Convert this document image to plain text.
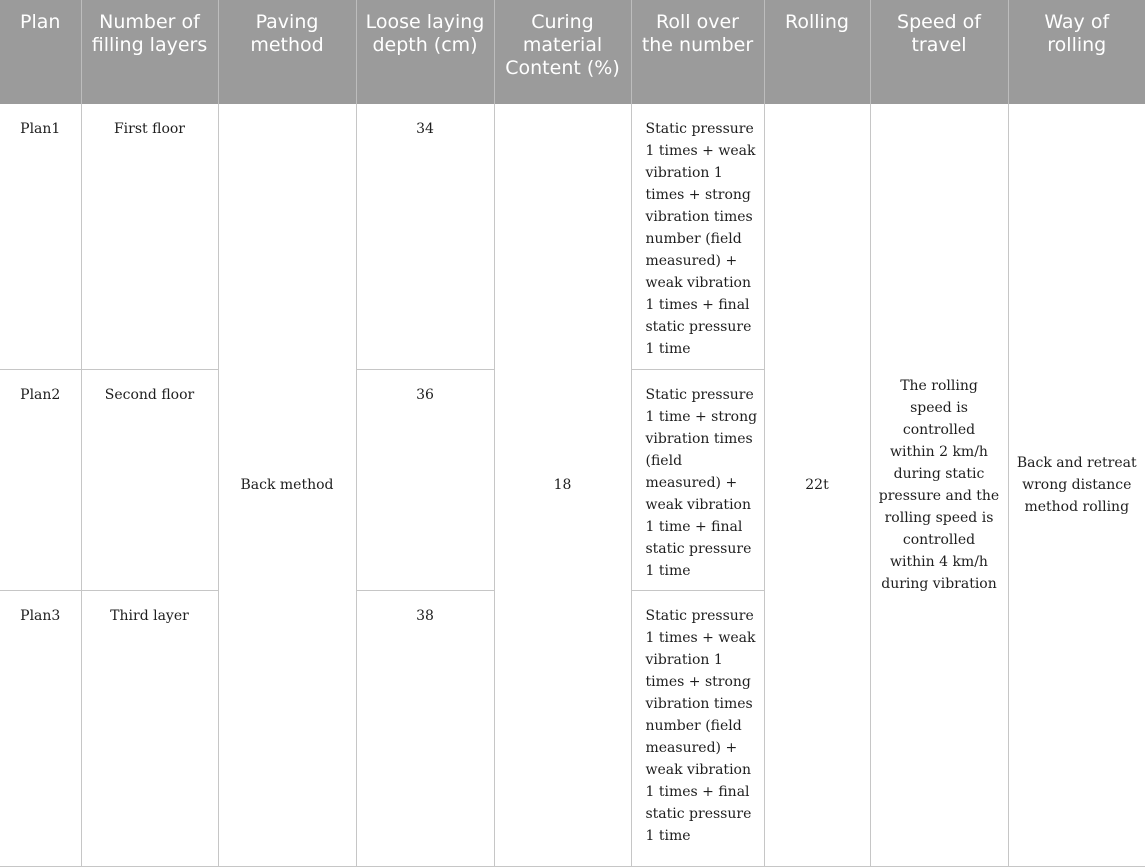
Plan	Number of filling layers	Paving method	Loose laying depth (cm)	Curing material Content (%)	Roll over the number	Rolling	Speed of travel	Way of rolling
Plan1	First floor	Back method	34	18	Static pressure 1 times + weak vibration 1 times + strong vibration times number (field measured) + weak vibration 1 times + final static pressure 1 time	22t	The rolling speed is controlled within 2 km/h during static pressure and the rolling speed is controlled within 4 km/h during vibration	Back and retreat wrong distance method rolling
Plan2	Second floor		36		Static pressure 1 time + strong vibration times (field measured) + weak vibration 1 time + final static pressure 1 time			
Plan3	Third layer		38		Static pressure 1 times + weak vibration 1 times + strong vibration times number (field measured) + weak vibration 1 times + final static pressure 1 time			
